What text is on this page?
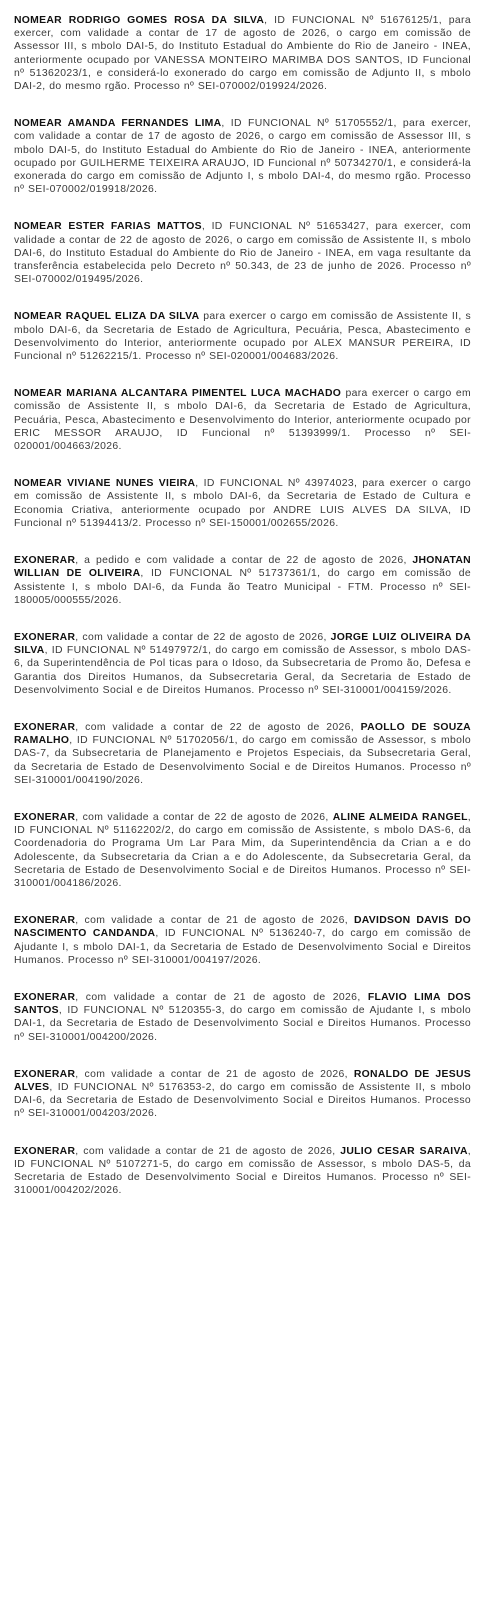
NOMEAR RODRIGO GOMES ROSA DA SILVA, ID FUNCIONAL Nº 51676125/1, para exercer, com validade a contar de 17 de agosto de 2026, o cargo em comissão de Assessor III, s mbolo DAI-5, do Instituto Estadual do Ambiente do Rio de Janeiro - INEA, anteriormente ocupado por VANESSA MONTEIRO MARIMBA DOS SANTOS, ID Funcional nº 51362023/1, e considerá-lo exonerado do cargo em comissão de Adjunto II, s mbolo DAI-2, do mesmo rgão. Processo nº SEI-070002/019924/2026.

NOMEAR AMANDA FERNANDES LIMA, ID FUNCIONAL Nº 51705552/1, para exercer, com validade a contar de 17 de agosto de 2026, o cargo em comissão de Assessor III, s mbolo DAI-5, do Instituto Estadual do Ambiente do Rio de Janeiro - INEA, anteriormente ocupado por GUILHERME TEIXEIRA ARAUJO, ID Funcional nº 50734270/1, e considerá-la exonerada do cargo em comissão de Adjunto I, s mbolo DAI-4, do mesmo rgão. Processo nº SEI-070002/019918/2026.

NOMEAR ESTER FARIAS MATTOS, ID FUNCIONAL Nº 51653427, para exercer, com validade a contar de 22 de agosto de 2026, o cargo em comissão de Assistente II, s mbolo DAI-6, do Instituto Estadual do Ambiente do Rio de Janeiro - INEA, em vaga resultante da transferência estabelecida pelo Decreto nº 50.343, de 23 de junho de 2026. Processo nº SEI-070002/019495/2026.

NOMEAR RAQUEL ELIZA DA SILVA para exercer o cargo em comissão de Assistente II, s mbolo DAI-6, da Secretaria de Estado de Agricultura, Pecuária, Pesca, Abastecimento e Desenvolvimento do Interior, anteriormente ocupado por ALEX MANSUR PEREIRA, ID Funcional nº 51262215/1. Processo nº SEI-020001/004683/2026.

NOMEAR MARIANA ALCANTARA PIMENTEL LUCA MACHADO para exercer o cargo em comissão de Assistente II, s mbolo DAI-6, da Secretaria de Estado de Agricultura, Pecuária, Pesca, Abastecimento e Desenvolvimento do Interior, anteriormente ocupado por ERIC MESSOR ARAUJO, ID Funcional nº 51393999/1. Processo nº SEI-020001/004663/2026.

NOMEAR VIVIANE NUNES VIEIRA, ID FUNCIONAL Nº 43974023, para exercer o cargo em comissão de Assistente II, s mbolo DAI-6, da Secretaria de Estado de Cultura e Economia Criativa, anteriormente ocupado por ANDRE LUIS ALVES DA SILVA, ID Funcional nº 51394413/2. Processo nº SEI-150001/002655/2026.

EXONERAR, a pedido e com validade a contar de 22 de agosto de 2026, JHONATAN WILLIAN DE OLIVEIRA, ID FUNCIONAL Nº 51737361/1, do cargo em comissão de Assistente I, s mbolo DAI-6, da Funda ão Teatro Municipal - FTM. Processo nº SEI-180005/000555/2026.

EXONERAR, com validade a contar de 22 de agosto de 2026, JORGE LUIZ OLIVEIRA DA SILVA, ID FUNCIONAL Nº 51497972/1, do cargo em comissão de Assessor, s mbolo DAS-6, da Superintendência de Pol ticas para o Idoso, da Subsecretaria de Promo ão, Defesa e Garantia dos Direitos Humanos, da Subsecretaria Geral, da Secretaria de Estado de Desenvolvimento Social e de Direitos Humanos. Processo nº SEI-310001/004159/2026.

EXONERAR, com validade a contar de 22 de agosto de 2026, PAOLLO DE SOUZA RAMALHO, ID FUNCIONAL Nº 51702056/1, do cargo em comissão de Assessor, s mbolo DAS-7, da Subsecretaria de Planejamento e Projetos Especiais, da Subsecretaria Geral, da Secretaria de Estado de Desenvolvimento Social e de Direitos Humanos. Processo nº SEI-310001/004190/2026.

EXONERAR, com validade a contar de 22 de agosto de 2026, ALINE ALMEIDA RANGEL, ID FUNCIONAL Nº 51162202/2, do cargo em comissão de Assistente, s mbolo DAS-6, da Coordenadoria do Programa Um Lar Para Mim, da Superintendência da Crian a e do Adolescente, da Subsecretaria da Crian a e do Adolescente, da Subsecretaria Geral, da Secretaria de Estado de Desenvolvimento Social e de Direitos Humanos. Processo nº SEI-310001/004186/2026.

EXONERAR, com validade a contar de 21 de agosto de 2026, DAVIDSON DAVIS DO NASCIMENTO CANDANDA, ID FUNCIONAL Nº 5136240-7, do cargo em comissão de Ajudante I, s mbolo DAI-1, da Secretaria de Estado de Desenvolvimento Social e Direitos Humanos. Processo nº SEI-310001/004197/2026.

EXONERAR, com validade a contar de 21 de agosto de 2026, FLAVIO LIMA DOS SANTOS, ID FUNCIONAL Nº 5120355-3, do cargo em comissão de Ajudante I, s mbolo DAI-1, da Secretaria de Estado de Desenvolvimento Social e Direitos Humanos. Processo nº SEI-310001/004200/2026.

EXONERAR, com validade a contar de 21 de agosto de 2026, RONALDO DE JESUS ALVES, ID FUNCIONAL Nº 5176353-2, do cargo em comissão de Assistente II, s mbolo DAI-6, da Secretaria de Estado de Desenvolvimento Social e Direitos Humanos. Processo nº SEI-310001/004203/2026.

EXONERAR, com validade a contar de 21 de agosto de 2026, JULIO CESAR SARAIVA, ID FUNCIONAL Nº 5107271-5, do cargo em comissão de Assessor, s mbolo DAS-5, da Secretaria de Estado de Desenvolvimento Social e Direitos Humanos. Processo nº SEI-310001/004202/2026.
